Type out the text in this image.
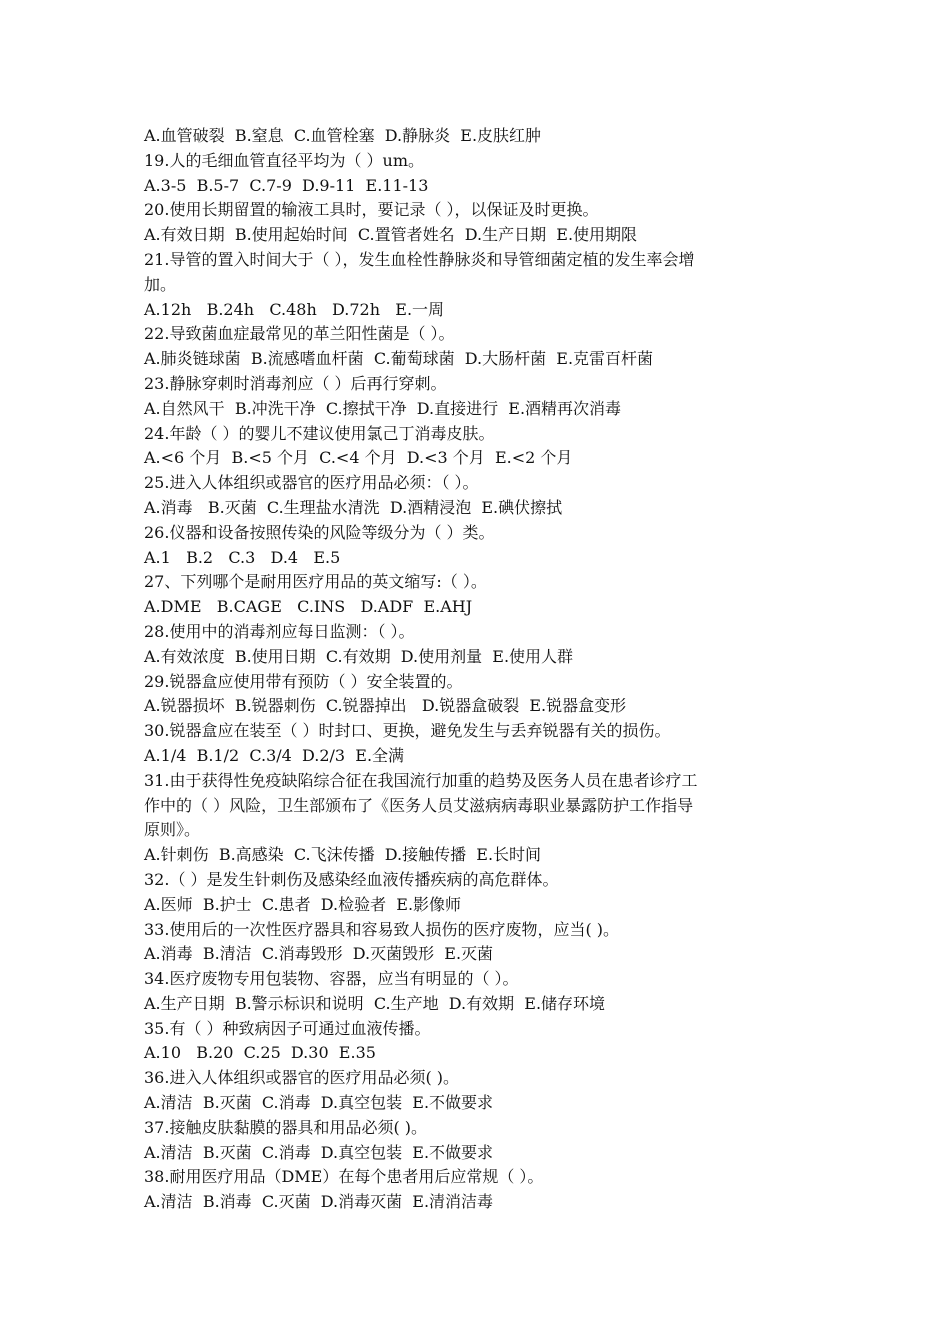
A.血管破裂  B.窒息  C.血管栓塞  D.静脉炎  E.皮肤红肿

19.人的毛细血管直径平均为（ ）um。

A.3-5  B.5-7  C.7-9  D.9-11  E.11-13

20.使用长期留置的输液工具时，要记录（ ），以保证及时更换。

A.有效日期  B.使用起始时间  C.置管者姓名  D.生产日期  E.使用期限

21.导管的置入时间大于（ ），发生血栓性静脉炎和导管细菌定植的发生率会增

加。

A.12h   B.24h   C.48h   D.72h   E.一周

22.导致菌血症最常见的革兰阳性菌是（ ）。

A.肺炎链球菌  B.流感嗜血杆菌  C.葡萄球菌  D.大肠杆菌  E.克雷百杆菌

23.静脉穿刺时消毒剂应（ ）后再行穿刺。

A.自然风干  B.冲洗干净  C.擦拭干净  D.直接进行  E.酒精再次消毒

24.年龄（ ）的婴儿不建议使用氯己丁消毒皮肤。

A.<6 个月  B.<5 个月  C.<4 个月  D.<3 个月  E.<2 个月

25.进入人体组织或器官的医疗用品必须：（ ）。

A.消毒   B.灭菌  C.生理盐水清洗  D.酒精浸泡  E.碘伏擦拭

26.仪器和设备按照传染的风险等级分为（ ）类。

A.1   B.2   C.3   D.4   E.5

27、下列哪个是耐用医疗用品的英文缩写:（ ）。

A.DME   B.CAGE   C.INS   D.ADF  E.AHJ

28.使用中的消毒剂应每日监测：（ ）。

A.有效浓度  B.使用日期  C.有效期  D.使用剂量  E.使用人群

29.锐器盒应使用带有预防（ ）安全装置的。

A.锐器损坏  B.锐器刺伤  C.锐器掉出   D.锐器盒破裂  E.锐器盒变形

30.锐器盒应在装至（ ）时封口、更换，避免发生与丢弃锐器有关的损伤。

A.1/4  B.1/2  C.3/4  D.2/3  E.全满

31.由于获得性免疫缺陷综合征在我国流行加重的趋势及医务人员在患者诊疗工

作中的（ ）风险，卫生部颁布了《医务人员艾滋病病毒职业暴露防护工作指导

原则》。

A.针刺伤  B.高感染  C.飞沫传播  D.接触传播  E.长时间

32.（ ）是发生针刺伤及感染经血液传播疾病的高危群体。

A.医师  B.护士  C.患者  D.检验者  E.影像师

33.使用后的一次性医疗器具和容易致人损伤的医疗废物，应当( )。

A.消毒  B.清洁  C.消毒毁形  D.灭菌毁形  E.灭菌

34.医疗废物专用包装物、容器，应当有明显的（ ）。

A.生产日期  B.警示标识和说明  C.生产地  D.有效期  E.储存环境

35.有（ ）种致病因子可通过血液传播。

A.10   B.20  C.25  D.30  E.35

36.进入人体组织或器官的医疗用品必须( )。

A.清洁  B.灭菌  C.消毒  D.真空包装  E.不做要求

37.接触皮肤黏膜的器具和用品必须( )。

A.清洁  B.灭菌  C.消毒  D.真空包装  E.不做要求

38.耐用医疗用品（DME）在每个患者用后应常规（ ）。

A.清洁  B.消毒  C.灭菌  D.消毒灭菌  E.清消洁毒
